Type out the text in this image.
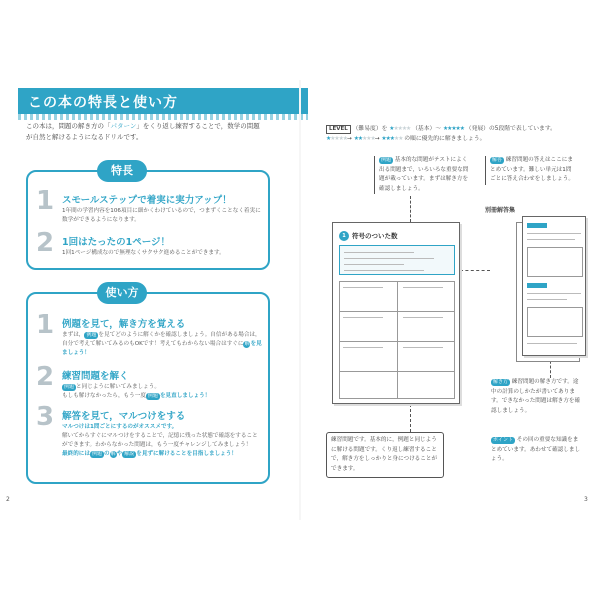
この本の特長と使い方

この本は，問題の解き方の「パターン」をくり返し練習することで，数学の問題が自然と解けるようになるドリルです。

特長
1 スモールステップで着実に実力アップ！
1年間の学習内容を106項目に細かくわけているので，つまずくことなく着実に数学ができるようになります。
2 1回はたったの1ページ！
1回1ページ構成なので無理なくサクサク進めることができます。
使い方
1 例題を見て，解き方を覚える
まずは， 例題 を見てどのように解くかを確認しましょう。自信がある場合は，自分で考えて解いてみるのもOKです！考えてもわからない場合はすぐに解を見ましょう！
2 練習問題を解く
例題 と同じように解いてみましょう。
もしも解けなかったら，もう一度 例題 を見直しましょう！
3 解答を見て，マルつけをする
マルつけは1問ごとにするのがオススメです。
解いてからすぐにマルつけをすることで，記憶に残った状態で確認をすることができます。わからなかった問題は，もう一度チャレンジしてみましょう！
最終的には 例題 の解や 解説 を見ずに解けることを目指しましょう！
2
LEVEL （難易度）を ★★★★★ （基本）～ ★★★★★ （発展）の5段階で表しています。
★★★★★→ ★★★★★→ ★★★★★ の順に優先的に解きましょう。
例題 基本的な問題がテストによく出る問題まで，いろいろな重要な問題が載っています。まずは解き方を確認しましょう。
解答 練習問題の答えはここにまとめています。難しい単元は1問ごとに答え合わせをしましょう。
別冊解答集
1 符号のついた数
解き方 練習問題の解き方です。途中の計算のしかたが書いてあります。できなかった問題は解き方を確認しましょう。
ポイント その回の重要な知識をまとめています。あわせて確認しましょう。
練習問題です。基本的に，例題と同じように解ける問題です。くり返し練習することで，解き方をしっかりと身につけることができます。
3
